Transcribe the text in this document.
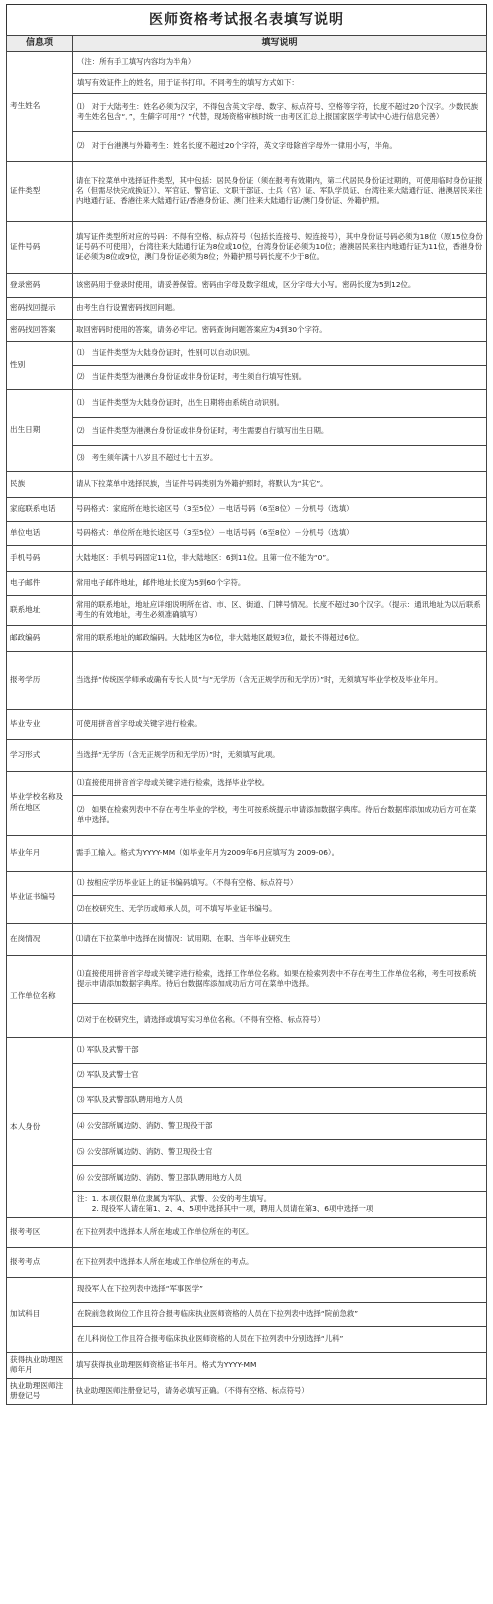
医师资格考试报名表填写说明
信息项	填写说明
考生姓名	（注：所有手工填写内容均为半角）
	填写有效证件上的姓名，用于证书打印。不同考生的填写方式如下：
	⑴　对于大陆考生：姓名必须为汉字，不得包含英文字母、数字、标点符号、空格等字符，长度不超过20个汉字。少数民族考生姓名包含“．”，生僻字可用“？”代替，现场资格审核时统一由考区汇总上报国家医学考试中心进行信息完善）
	⑵　对于台港澳与外籍考生：姓名长度不超过20个字符，英文字母除首字母外一律用小写，半角。
证件类型	请在下拉菜单中选择证件类型，其中包括：居民身份证（须在报考有效期内，第二代居民身份证过期的，可使用临时身份证报名（但需尽快完成换证））、军官证、警官证、文职干部证、士兵（官）证、军队学员证、台湾往来大陆通行证、港澳居民来往内地通行证、香港往来大陆通行证/香港身份证、澳门往来大陆通行证/澳门身份证、外籍护照。
证件号码	填写证件类型所对应的号码：不得有空格、标点符号（包括长连接号、短连接号），其中身份证号码必须为18位（原15位身份证号码不可使用），台湾往来大陆通行证为8位或10位，台湾身份证必须为10位；港澳居民来往内地通行证为11位，香港身份证必须为8位或9位，澳门身份证必须为8位；外籍护照号码长度不少于8位。
登录密码	该密码用于登录时使用，请妥善保管。密码由字母及数字组成，区分字母大小写。密码长度为5到12位。
密码找回提示	由考生自行设置密码找回问题。
密码找回答案	取回密码时使用的答案，请务必牢记。密码查询问题答案应为4到30个字符。
性别	⑴　当证件类型为大陆身份证时，性别可以自动识别。
	⑵　当证件类型为港澳台身份证或非身份证时，考生须自行填写性别。
出生日期	⑴　当证件类型为大陆身份证时，出生日期将由系统自动识别。
	⑵　当证件类型为港澳台身份证或非身份证时，考生需要自行填写出生日期。
	⑶　考生须年满十八岁且不超过七十五岁。
民族	请从下拉菜单中选择民族，当证件号码类别为外籍护照时，将默认为“其它”。
家庭联系电话	号码格式：家庭所在地长途区号（3至5位）－电话号码（6至8位）－分机号（选填）
单位电话	号码格式：单位所在地长途区号（3至5位）－电话号码（6至8位）－分机号（选填）
手机号码	大陆地区：手机号码固定11位，非大陆地区：6到11位。且第一位不能为“0”。
电子邮件	常用电子邮件地址，邮件地址长度为5到60个字符。
联系地址	常用的联系地址，地址应详细说明所在省、市、区、街道、门牌号情况。长度不超过30个汉字。（提示：通讯地址为以后联系考生的有效地址，考生必须准确填写）
邮政编码	常用的联系地址的邮政编码。大陆地区为6位，非大陆地区最短3位，最长不得超过6位。
报考学历	当选择“传统医学师承或确有专长人员”与“无学历（含无正规学历和无学历）”时，无须填写毕业学校及毕业年月。
毕业专业	可使用拼音首字母或关键字进行检索。
学习形式	当选择“无学历（含无正规学历和无学历）”时，无须填写此项。
毕业学校名称及所在地区	⑴直接使用拼音首字母或关键字进行检索，选择毕业学校。
	⑵　如果在检索列表中不存在考生毕业的学校，考生可按系统提示申请添加数据字典库。待后台数据库添加成功后方可在菜单中选择。
毕业年月	需手工输入。格式为YYYY-MM（如毕业年月为2009年6月应填写为 2009-06）。
毕业证书编号	⑴ 按相应学历毕业证上的证书编码填写。（不得有空格、标点符号）
	⑵在校研究生、无学历或师承人员，可不填写毕业证书编号。
在岗情况	⑴请在下拉菜单中选择在岗情况：试用期、在职、当年毕业研究生
工作单位名称	⑴直接使用拼音首字母或关键字进行检索，选择工作单位名称。如果在检索列表中不存在考生工作单位名称，考生可按系统提示申请添加数据字典库。待后台数据库添加成功后方可在菜单中选择。
	⑵对于在校研究生，请选择或填写实习单位名称。（不得有空格、标点符号）
本人身份	⑴ 军队及武警干部
	⑵ 军队及武警士官
	⑶ 军队及武警部队聘用地方人员
	⑷ 公安部所属边防、消防、警卫现役干部
	⑸ 公安部所属边防、消防、警卫现役士官
	⑹ 公安部所属边防、消防、警卫部队聘用地方人员
	注：1. 本项仅限单位隶属为军队、武警、公安的考生填写。
　　2. 现役军人请在第1、2、4、5项中选择其中一项，聘用人员请在第3、6项中选择一项
报考考区	在下拉列表中选择本人所在地或工作单位所在的考区。
报考考点	在下拉列表中选择本人所在地或工作单位所在的考点。
加试科目	现役军人在下拉列表中选择“军事医学”
	在院前急救岗位工作且符合报考临床执业医师资格的人员在下拉列表中选择“院前急救”
	在儿科岗位工作且符合报考临床执业医师资格的人员在下拉列表中分别选择“儿科”
获得执业助理医师年月	填写获得执业助理医师资格证书年月。格式为YYYY-MM
执业助理医师注册登记号	执业助理医师注册登记号，请务必填写正确。（不得有空格、标点符号）
